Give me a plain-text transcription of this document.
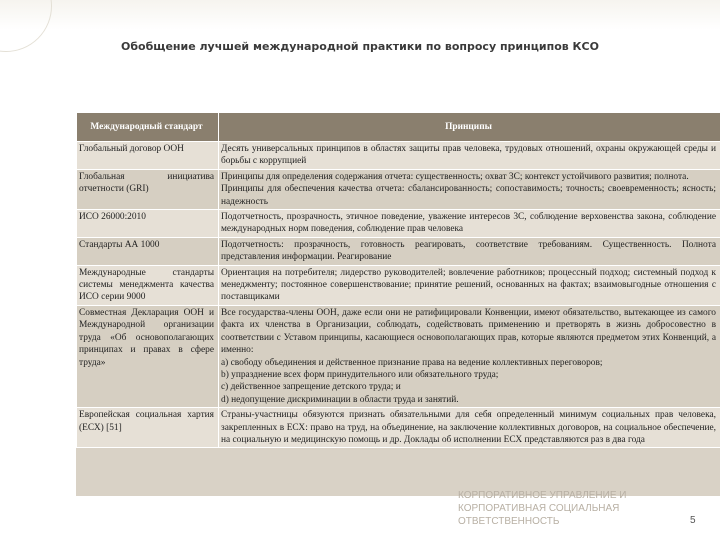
Обобщение лучшей международной практики по вопросу принципов КСО
Международный стандарт	Принципы
Глобальный договор ООН	Десять универсальных принципов в областях защиты прав человека, трудовых отношений, охраны окружающей среды и борьбы с коррупцией

Глобальная инициатива отчетности (GRI)	Принципы для определения содержания отчета: существенность; охват 3С; контекст устойчивого развития; полнота.
Принципы для обеспечения качества отчета: сбалансированность; сопоставимость; точность; своевременность; ясность; надежность

ИСО 26000:2010	Подотчетность, прозрачность, этичное поведение, уважение интересов 3С, соблюдение верховенства закона, соблюдение международных норм поведения, соблюдение прав человека

Стандарты АА 1000	Подотчетность: прозрачность, готовность реагировать, соответствие требованиям. Существенность. Полнота представления информации. Реагирование

Международные стандарты системы менеджмента качества ИСО серии 9000	Ориентация на потребителя; лидерство руководителей; вовлечение работников; процессный подход; системный подход к менеджменту; постоянное совершенствование; принятие решений, основанных на фактах; взаимовыгодные отношения с поставщиками

Совместная Декларация ООН и Международной организации труда «Об основополагающих принципах и правах в сфере труда»	Все государства-члены ООН, даже если они не ратифицировали Конвенции, имеют обязательство, вытекающее из самого факта их членства в Организации, соблюдать, содействовать применению и претворять в жизнь добросовестно в соответствии с Уставом принципы, касающиеся основополагающих прав, которые являются предметом этих Конвенций, а именно:
а) свободу объединения и действенное признание права на ведение коллективных переговоров;
b) упразднение всех форм принудительного или обязательного труда;
c) действенное запрещение детского труда; и
d) недопущение дискриминации в области труда и занятий.

Европейская социальная хартия (ЕСХ) [51]	Страны-участницы обязуются признать обязательными для себя определенный минимум социальных прав человека, закрепленных в ЕСХ: право на труд, на объединение, на заключение коллективных договоров, на социальное обеспечение, на социальную и медицинскую помощь и др. Доклады об исполнении ЕСХ представляются раз в два года
КОРПОРАТИВНОЕ УПРАВЛЕНИЕ И
КОРПОРАТИВНАЯ СОЦИАЛЬНАЯ
ОТВЕТСТВЕННОСТЬ	5
